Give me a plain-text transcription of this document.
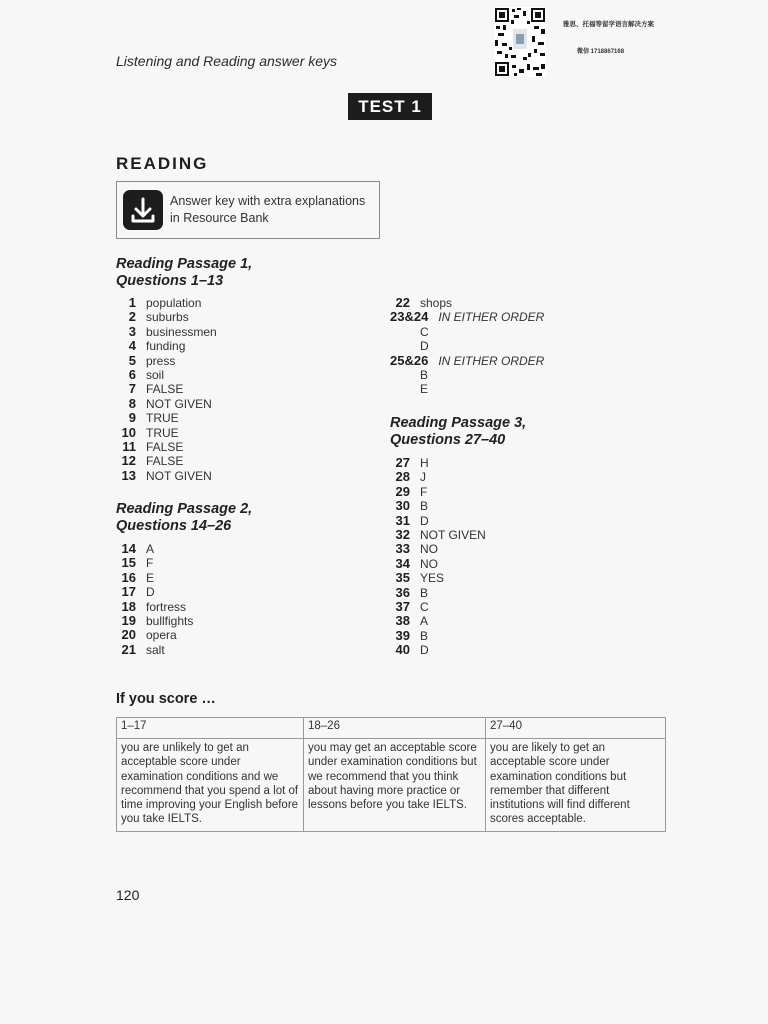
Listening and Reading answer keys
雅思、托福等留学语言解决方案
微信 1718867168
TEST 1
READING
Answer key with extra explanations in Resource Bank
Reading Passage 1,
Questions 1–13
1 population
2 suburbs
3 businessmen
4 funding
5 press
6 soil
7 FALSE
8 NOT GIVEN
9 TRUE
10 TRUE
11 FALSE
12 FALSE
13 NOT GIVEN
Reading Passage 2,
Questions 14–26
14 A
15 F
16 E
17 D
18 fortress
19 bullfights
20 opera
21 salt
22 shops
23&24 IN EITHER ORDER
C
D
25&26 IN EITHER ORDER
B
E
Reading Passage 3,
Questions 27–40
27 H
28 J
29 F
30 B
31 D
32 NOT GIVEN
33 NO
34 NO
35 YES
36 B
37 C
38 A
39 B
40 D
If you score …
1–17	18–26	27–40
you are unlikely to get an acceptable score under examination conditions and we recommend that you spend a lot of time improving your English before you take IELTS.	you may get an acceptable score under examination conditions but we recommend that you think about having more practice or lessons before you take IELTS.	you are likely to get an acceptable score under examination conditions but remember that different institutions will find different scores acceptable.
120
